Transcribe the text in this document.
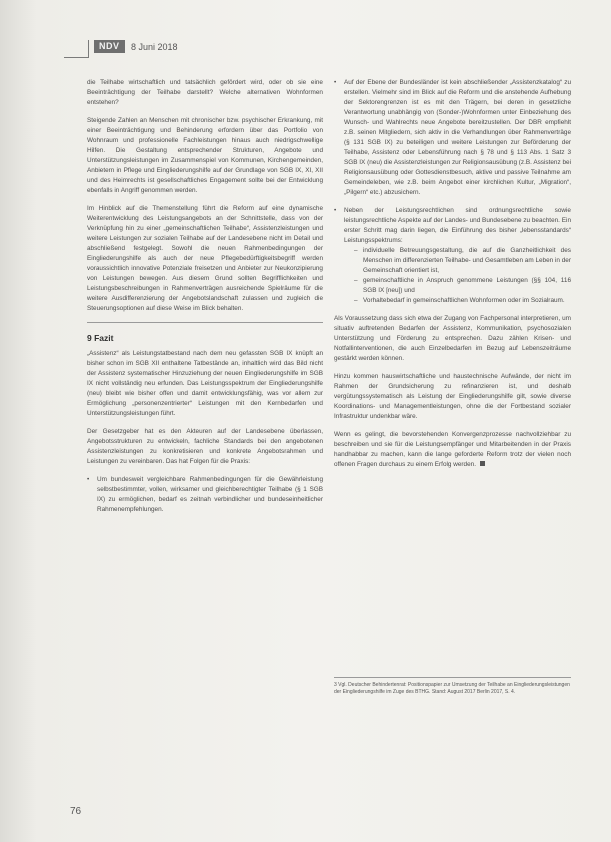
NDV	8 Juni 2018

die Teilhabe wirtschaftlich und tatsächlich gefördert wird, oder ob sie eine Beeinträchtigung der Teilhabe darstellt? Welche alternativen Wohnformen entstehen?

Steigende Zahlen an Menschen mit chronischer bzw. psychischer Erkrankung, mit einer Beeinträchtigung und Behinderung erfordern über das Portfolio von Wohnraum und professionelle Fachleistungen hinaus auch niedrigschwellige Hilfen. Die Gestaltung entsprechender Strukturen, Angebote und Unterstützungsleistungen im Zusammenspiel von Kommunen, Kirchengemeinden, Anbietern in Pflege und Eingliederungshilfe auf der Grundlage von SGB IX, XI, XII und des Heimrechts ist gesellschaftliches Engagement sollte bei der Entwicklung ebenfalls in Angriff genommen werden.

Im Hinblick auf die Themenstellung führt die Reform auf eine dynamische Weiterentwicklung des Leistungsangebots an der Schnittstelle, dass von der Verknüpfung hin zu einer „gemeinschaftlichen Teilhabe“, Assistenzleistungen und weitere Leistungen zur sozialen Teilhabe auf der Landesebene nicht im Detail und abschließend festgelegt. Sowohl die neuen Rahmenbedingungen der Eingliederungshilfe als auch der neue Pflegebedürftigkeitsbegriff werden voraussichtlich innovative Potenziale freisetzen und Anbieter zur Neukonzipierung von Leistungen bewegen. Aus diesem Grund sollten Begrifflichkeiten und Leistungsbeschreibungen in Rahmenverträgen ausreichende Spielräume für die weitere Ausdifferenzierung der Angebotslandschaft zulassen und zugleich die Steuerungsoptionen auf diese Weise im Blick behalten.

9 Fazit

„Assistenz“ als Leistungstatbestand nach dem neu gefassten SGB IX knüpft an bisher schon im SGB XII enthaltene Tatbestände an, inhaltlich wird das Bild nicht der Assistenz systematischer Hinzuziehung der neuen Eingliederungshilfe im SGB IX nicht vollständig neu erfunden. Das Leistungsspektrum der Eingliederungshilfe (neu) bleibt wie bisher offen und damit entwicklungsfähig, was vor allem zur Ermöglichung „personenzentrierter“ Leistungen mit den Kernbedarfen und Unterstützungsleistungen führt.

Der Gesetzgeber hat es den Akteuren auf der Landesebene überlassen, Angebotsstrukturen zu entwickeln, fachliche Standards bei den angebotenen Assistenzleistungen zu konkretisieren und konkrete Angebotsrahmen und Leistungen zu vereinbaren. Das hat Folgen für die Praxis:

• Um bundesweit vergleichbare Rahmenbedingungen für die Gewährleistung selbstbestimmter, vollen, wirksamer und gleichberechtigter Teilhabe (§ 1 SGB IX) zu ermöglichen, bedarf es zeitnah verbindlicher und bundeseinheitlicher Rahmenempfehlungen.
• Auf der Ebene der Bundesländer ist kein abschließender „Assistenzkatalog“ zu erstellen. Vielmehr sind im Blick auf die Reform und die anstehende Aufhebung der Sektorengrenzen ist es mit den Trägern, bei deren in gesetzliche Verantwortung unabhängig von (Sonder-)Wohnformen unter Einbeziehung des Wunsch- und Wahlrechts neue Angebote bereitzustellen. Der DBR empfiehlt z.B. seinen Mitgliedern, sich aktiv in die Verhandlungen über Rahmenverträge (§ 131 SGB IX) zu beteiligen und weitere Leistungen zur Beförderung der Teilhabe, Assistenz oder Lebensführung nach § 78 und § 113 Abs. 1 Satz 3 SGB IX (neu) die Assistenzleistungen zur Religionsausübung (z.B. Assistenz bei Religionsausübung oder Gottesdienstbesuch, aktive und passive Teilnahme am Gemeindeleben, wie z.B. beim Angebot einer kirchlichen Kultur, „Migration“, „Pilgern“ etc.) abzusichern.
• Neben der Leistungsrechtlichen sind ordnungsrechtliche sowie leistungsrechtliche Aspekte auf der Landes- und Bundesebene zu beachten. Ein erster Schritt mag darin liegen, die Einführung des bisher „lebensstandards“ Leistungsspektrums:
– individuelle Betreuungsgestaltung, die auf die Ganzheitlichkeit des Menschen im differenzierten Teilhabe- und Gesamtleben am Leben in der Gemeinschaft orientiert ist,
– gemeinschaftliche in Anspruch genommene Leistungen (§§ 104, 116 SGB IX [neu]) und
– Vorhaltebedarf in gemeinschaftlichen Wohnformen oder im Sozialraum.

Als Voraussetzung dass sich etwa der Zugang von Fachpersonal interpretieren, um situativ auftretenden Bedarfen der Assistenz, Kommunikation, psychosozialen Unterstützung und Förderung zu entsprechen. Dazu zählen Krisen- und Notfallinterventionen, die auch Einzelbedarfen im Bezug auf Lebenszeiträume gestärkt werden können.

Hinzu kommen hauswirtschaftliche und haustechnische Aufwände, der nicht im Rahmen der Grundsicherung zu refinanzieren ist, und deshalb vergütungssystematisch als Leistung der Eingliederungshilfe gilt, sowie diverse Koordinations- und Managementleistungen, ohne die der Fortbestand sozialer Infrastruktur undenkbar wäre.

Wenn es gelingt, die bevorstehenden Konvergenzprozesse nachvollziehbar zu beschreiben und sie für die Leistungsempfänger und Mitarbeitenden in der Praxis handhabbar zu machen, kann die lange geforderte Reform trotz der vielen noch offenen Fragen durchaus zu einem Erfolg werden.

3 Vgl. Deutscher Behindertenrat: Positionspapier zur Umsetzung der Teilhabe an Eingliederungsleistungen der Eingliederungshilfe im Zuge des BTHG. Stand: August 2017 Berlin 2017, S. 4.
76
